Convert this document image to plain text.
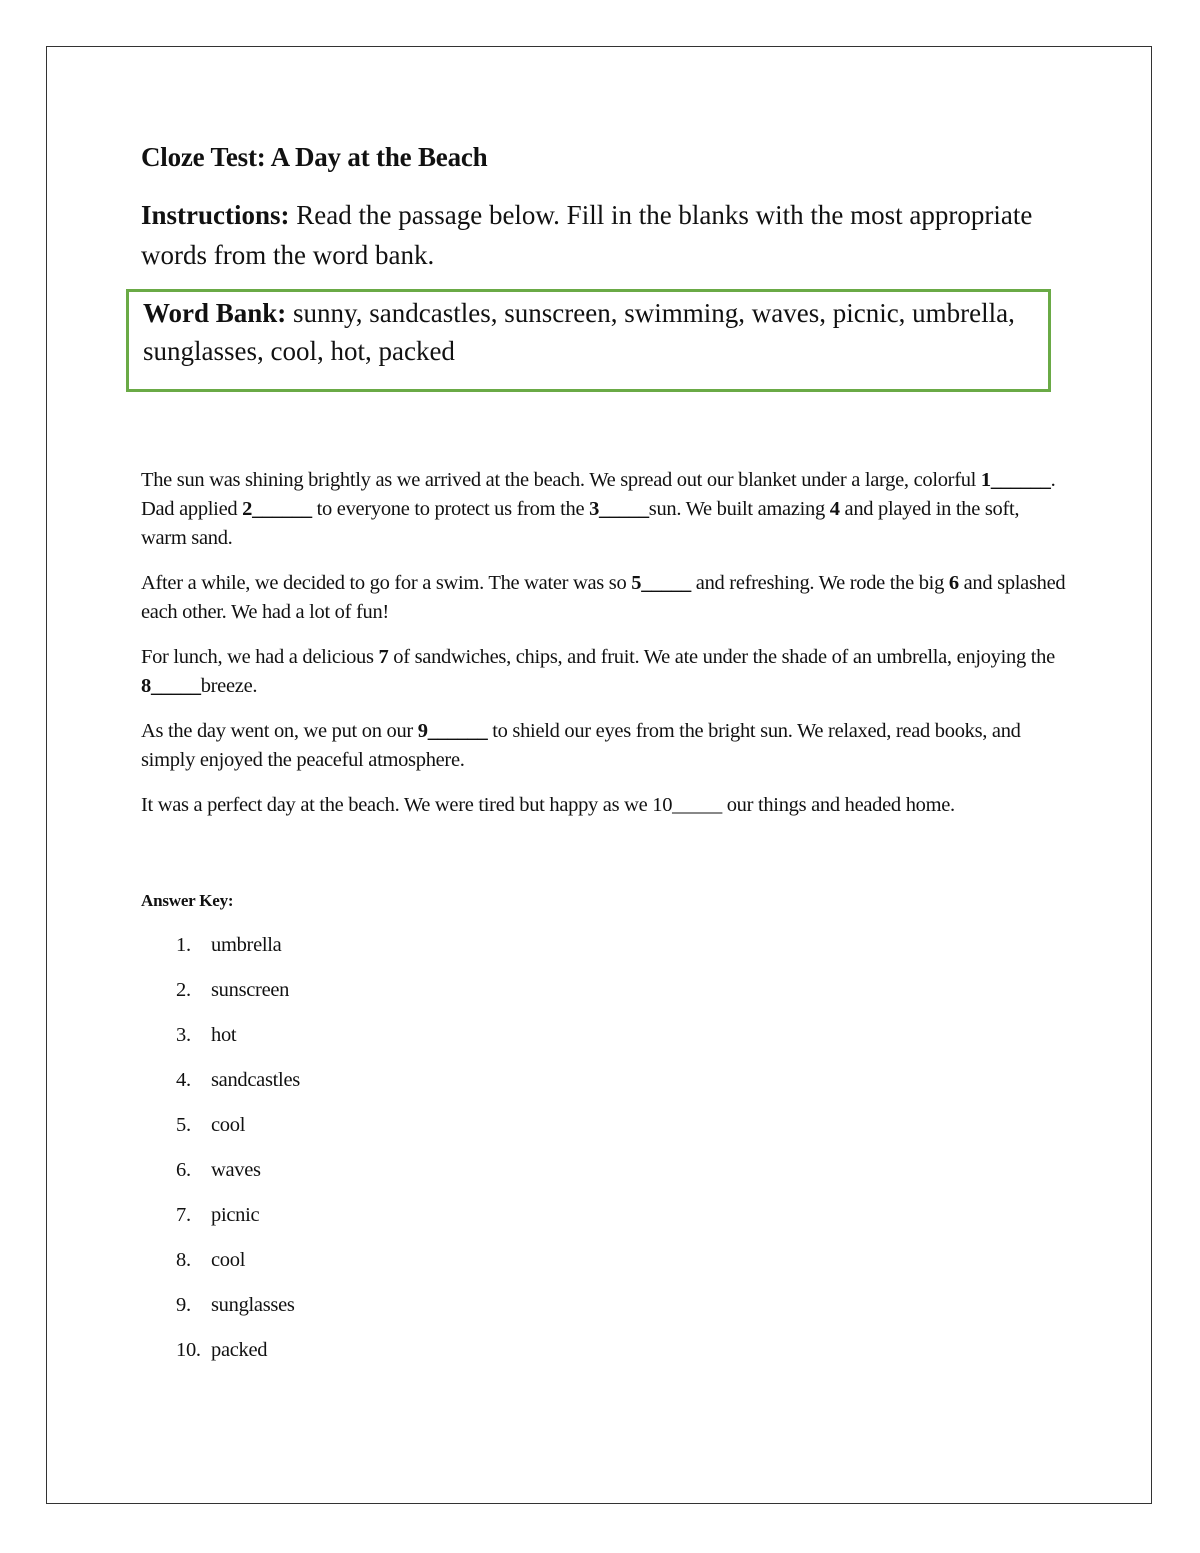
Cloze Test: A Day at the Beach

Instructions: Read the passage below. Fill in the blanks with the most appropriate words from the word bank.

Word Bank: sunny, sandcastles, sunscreen, swimming, waves, picnic, umbrella, sunglasses, cool, hot, packed

The sun was shining brightly as we arrived at the beach. We spread out our blanket under a large, colorful 1______. Dad applied 2______ to everyone to protect us from the 3_____sun. We built amazing 4 and played in the soft, warm sand.

After a while, we decided to go for a swim. The water was so 5_____ and refreshing. We rode the big 6 and splashed each other. We had a lot of fun!

For lunch, we had a delicious 7 of sandwiches, chips, and fruit. We ate under the shade of an umbrella, enjoying the 8_____breeze.

As the day went on, we put on our 9______ to shield our eyes from the bright sun. We relaxed, read books, and simply enjoyed the peaceful atmosphere.

It was a perfect day at the beach. We were tired but happy as we 10_____ our things and headed home.

Answer Key:

1. umbrella
2. sunscreen
3. hot
4. sandcastles
5. cool
6. waves
7. picnic
8. cool
9. sunglasses
10. packed
